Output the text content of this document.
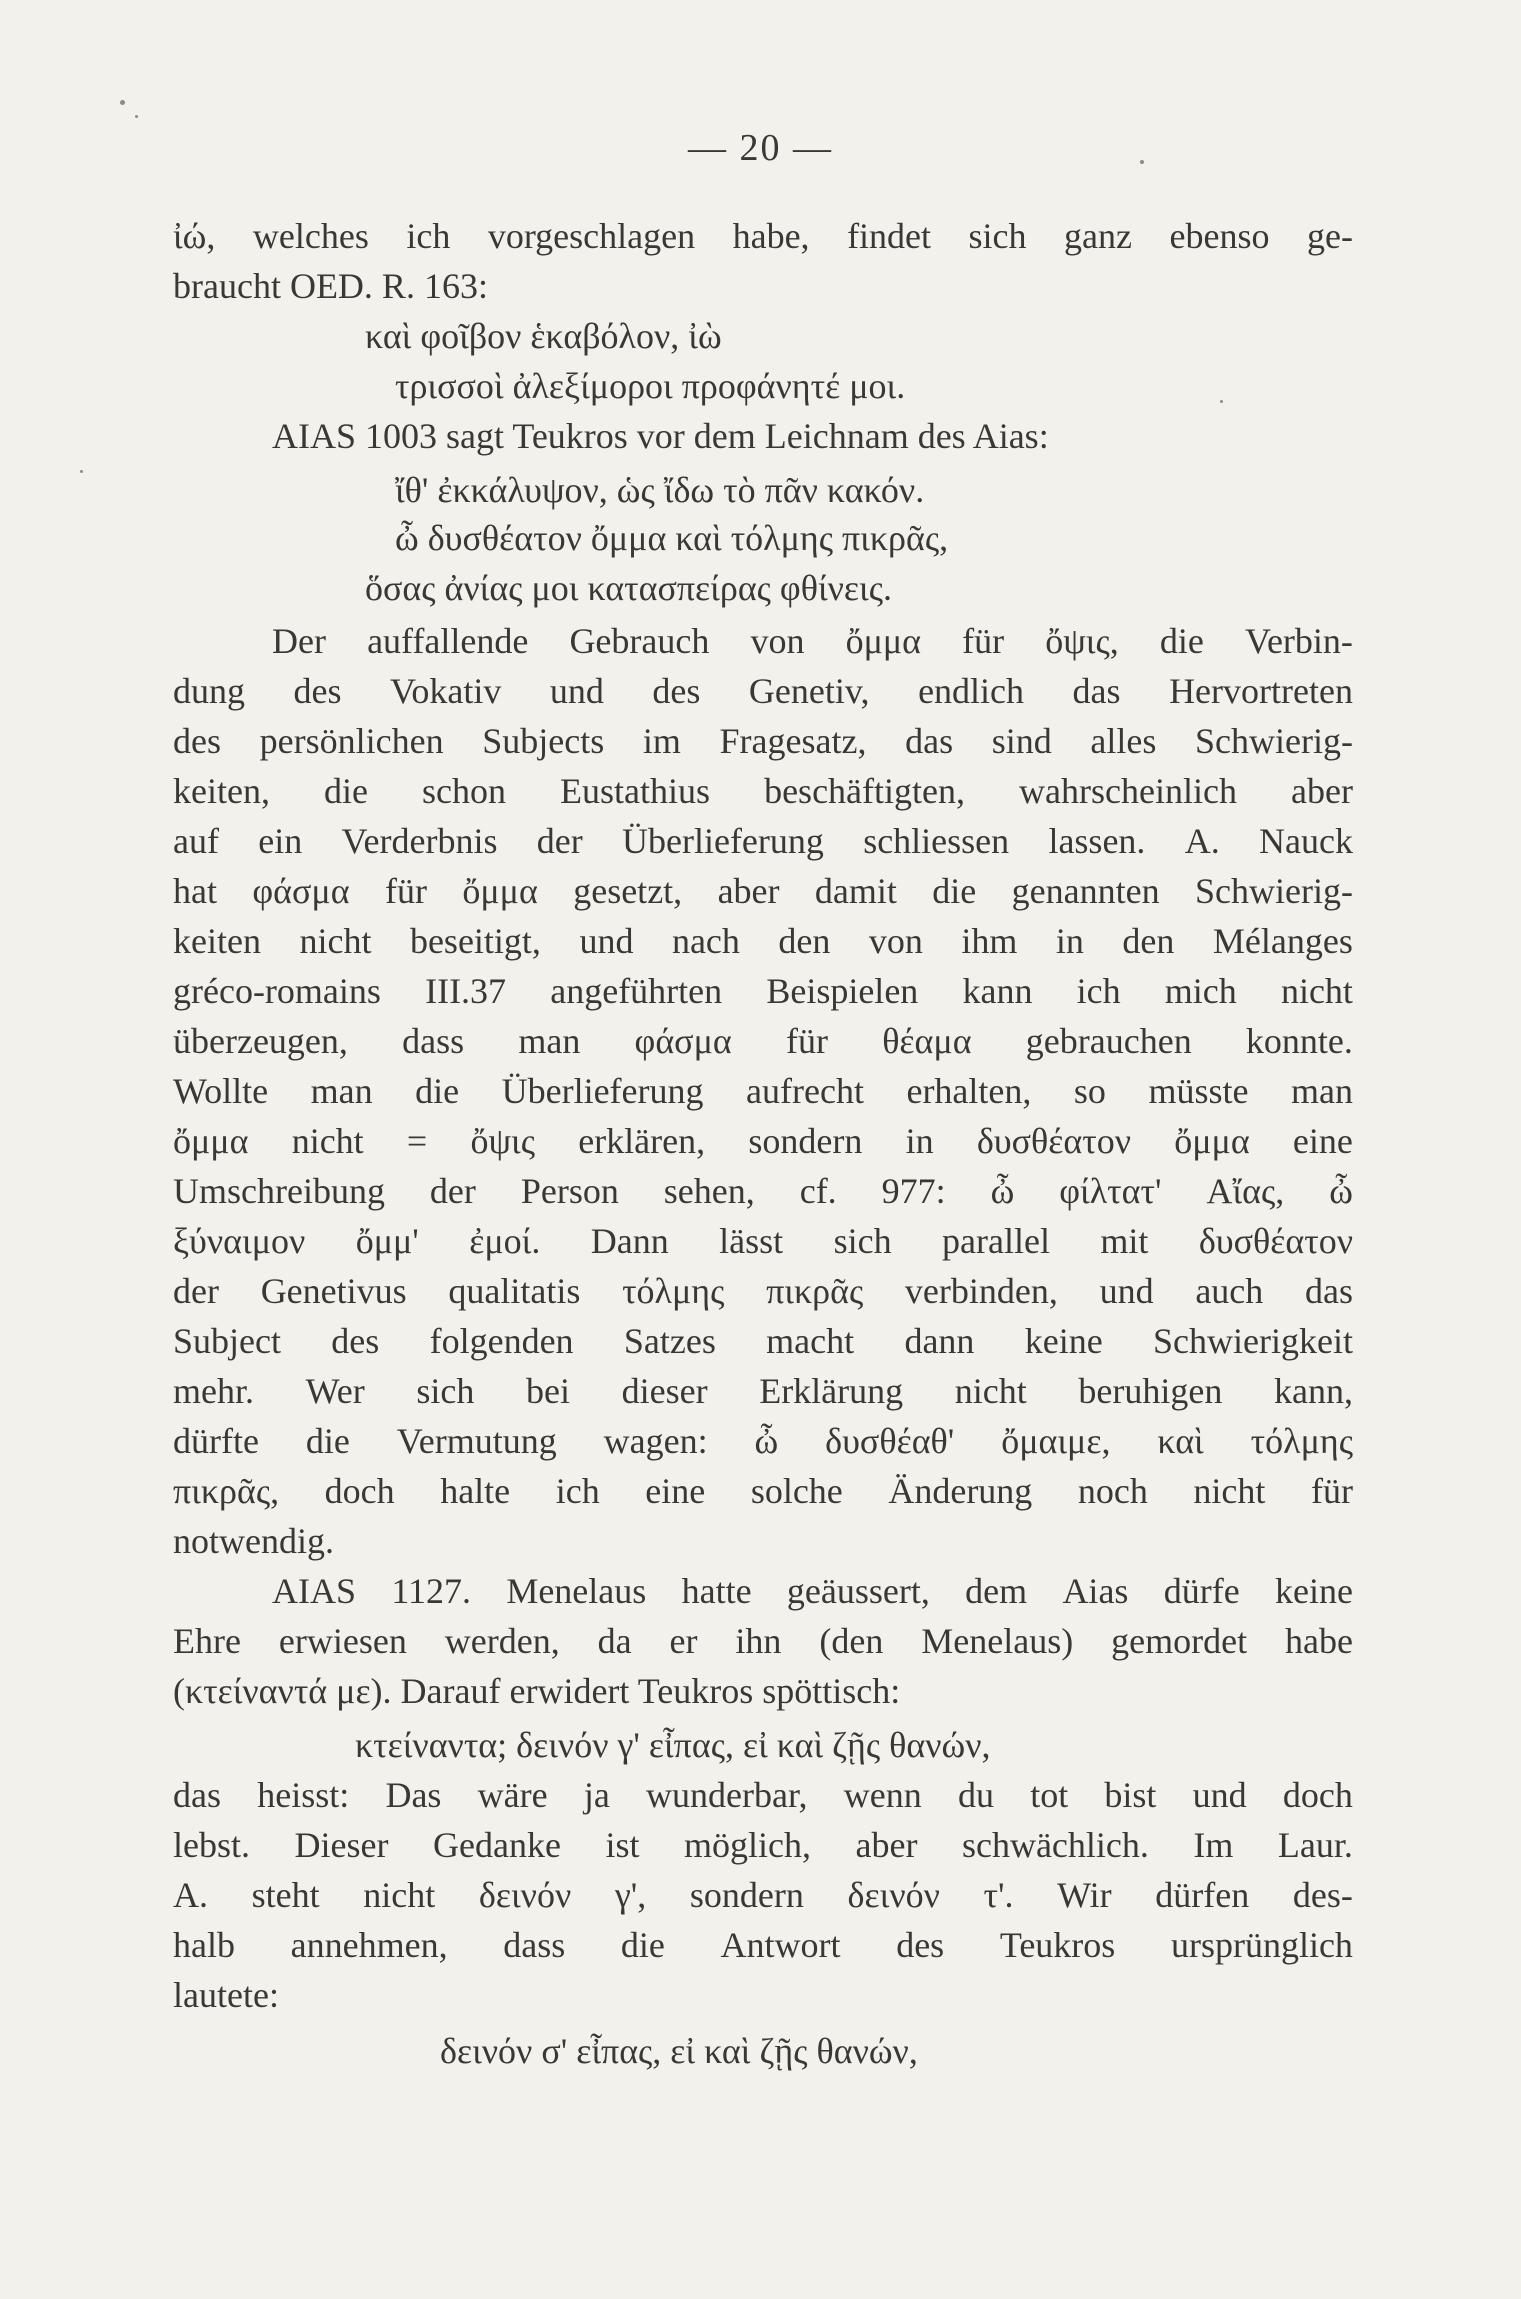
— 20 —
ἰώ, welches ich vorgeschlagen habe, findet sich ganz ebenso ge-
braucht OED. R. 163:
καὶ φοῖβον ἑκαβόλον, ἰὼ
τρισσοὶ ἀλεξίμοροι προφάνητέ μοι.
AIAS 1003 sagt Teukros vor dem Leichnam des Aias:
ἴθ' ἐκκάλυψον, ὡς ἴδω τὸ πᾶν κακόν.
ὦ δυσθέατον ὄμμα καὶ τόλμης πικρᾶς,
ὅσας ἀνίας μοι κατασπείρας φθίνεις.
Der auffallende Gebrauch von ὄμμα für ὄψις, die Verbin-
dung des Vokativ und des Genetiv, endlich das Hervortreten
des persönlichen Subjects im Fragesatz, das sind alles Schwierig-
keiten, die schon Eustathius beschäftigten, wahrscheinlich aber
auf ein Verderbnis der Überlieferung schliessen lassen. A. Nauck
hat φάσμα für ὄμμα gesetzt, aber damit die genannten Schwierig-
keiten nicht beseitigt, und nach den von ihm in den Mélanges
gréco-romains III.37 angeführten Beispielen kann ich mich nicht
überzeugen, dass man φάσμα für θέαμα gebrauchen konnte.
Wollte man die Überlieferung aufrecht erhalten, so müsste man
ὄμμα nicht = ὄψις erklären, sondern in δυσθέατον ὄμμα eine
Umschreibung der Person sehen, cf. 977: ὦ φίλτατ' Αἴας, ὦ
ξύναιμον ὄμμ' ἐμοί. Dann lässt sich parallel mit δυσθέατον
der Genetivus qualitatis τόλμης πικρᾶς verbinden, und auch das
Subject des folgenden Satzes macht dann keine Schwierigkeit
mehr. Wer sich bei dieser Erklärung nicht beruhigen kann,
dürfte die Vermutung wagen: ὦ δυσθέαθ' ὄμαιμε, καὶ τόλμης
πικρᾶς, doch halte ich eine solche Änderung noch nicht für
notwendig.
AIAS 1127. Menelaus hatte geäussert, dem Aias dürfe keine
Ehre erwiesen werden, da er ihn (den Menelaus) gemordet habe
(κτείναντά με). Darauf erwidert Teukros spöttisch:
κτείναντα; δεινόν γ' εἶπας, εἰ καὶ ζῇς θανών,
das heisst: Das wäre ja wunderbar, wenn du tot bist und doch
lebst. Dieser Gedanke ist möglich, aber schwächlich. Im Laur.
A. steht nicht δεινόν γ', sondern δεινόν τ'. Wir dürfen des-
halb annehmen, dass die Antwort des Teukros ursprünglich
lautete:
δεινόν σ' εἶπας, εἰ καὶ ζῇς θανών,
